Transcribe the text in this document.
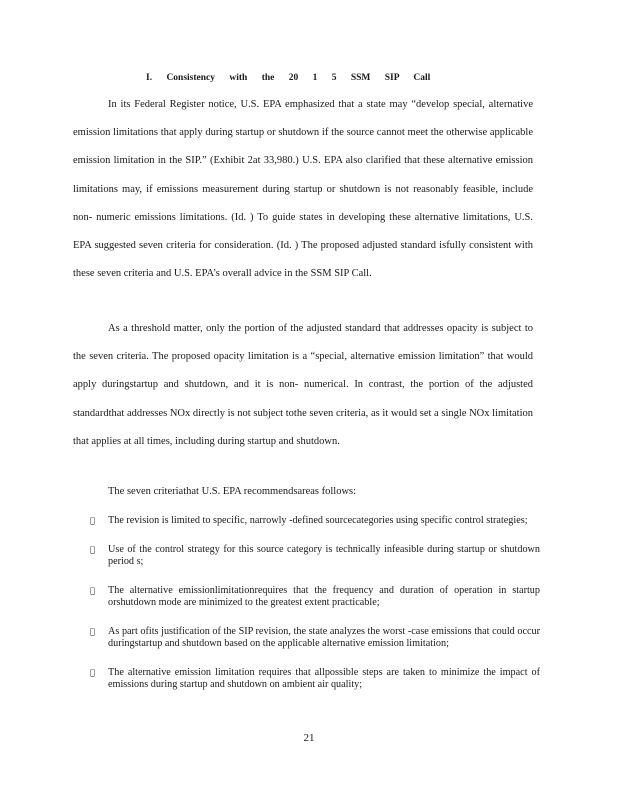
I. Consistency with the 20 1 5 SSM SIP Call
In its Federal Register notice, U.S. EPA emphasized that a state may “develop special, alternative emission limitations that apply during startup or shutdown if the source cannot meet the otherwise applicable emission limitation in the SIP.” (Exhibit 2at 33,980.) U.S. EPA also clarified that these alternative emission limitations may, if emissions measurement during startup or shutdown is not reasonably feasible, include non- numeric emissions limitations. (Id. ) To guide states in developing these alternative limitations, U.S. EPA suggested seven criteria for consideration. (Id. ) The proposed adjusted standard isfully consistent with these seven criteria and U.S. EPA’s overall advice in the SSM SIP Call.
As a threshold matter, only the portion of the adjusted standard that addresses opacity is subject to the seven criteria. The proposed opacity limitation is a “special, alternative emission limitation” that would apply duringstartup and shutdown, and it is non- numerical. In contrast, the portion of the adjusted standardthat addresses NOx directly is not subject tothe seven criteria, as it would set a single NOx limitation that applies at all times, including during startup and shutdown.
The seven criteriathat U.S. EPA recommendsareas follows:
The revision is limited to specific, narrowly -defined sourcecategories using specific control strategies;
Use of the control strategy for this source category is technically infeasible during startup or shutdown period s;
The alternative emissionlimitationrequires that the frequency and duration of operation in startup orshutdown mode are minimized to the greatest extent practicable;
As part ofits justification of the SIP revision, the state analyzes the worst -case emissions that could occur duringstartup and shutdown based on the applicable alternative emission limitation;
The alternative emission limitation requires that allpossible steps are taken to minimize the impact of emissions during startup and shutdown on ambient air quality;
21
